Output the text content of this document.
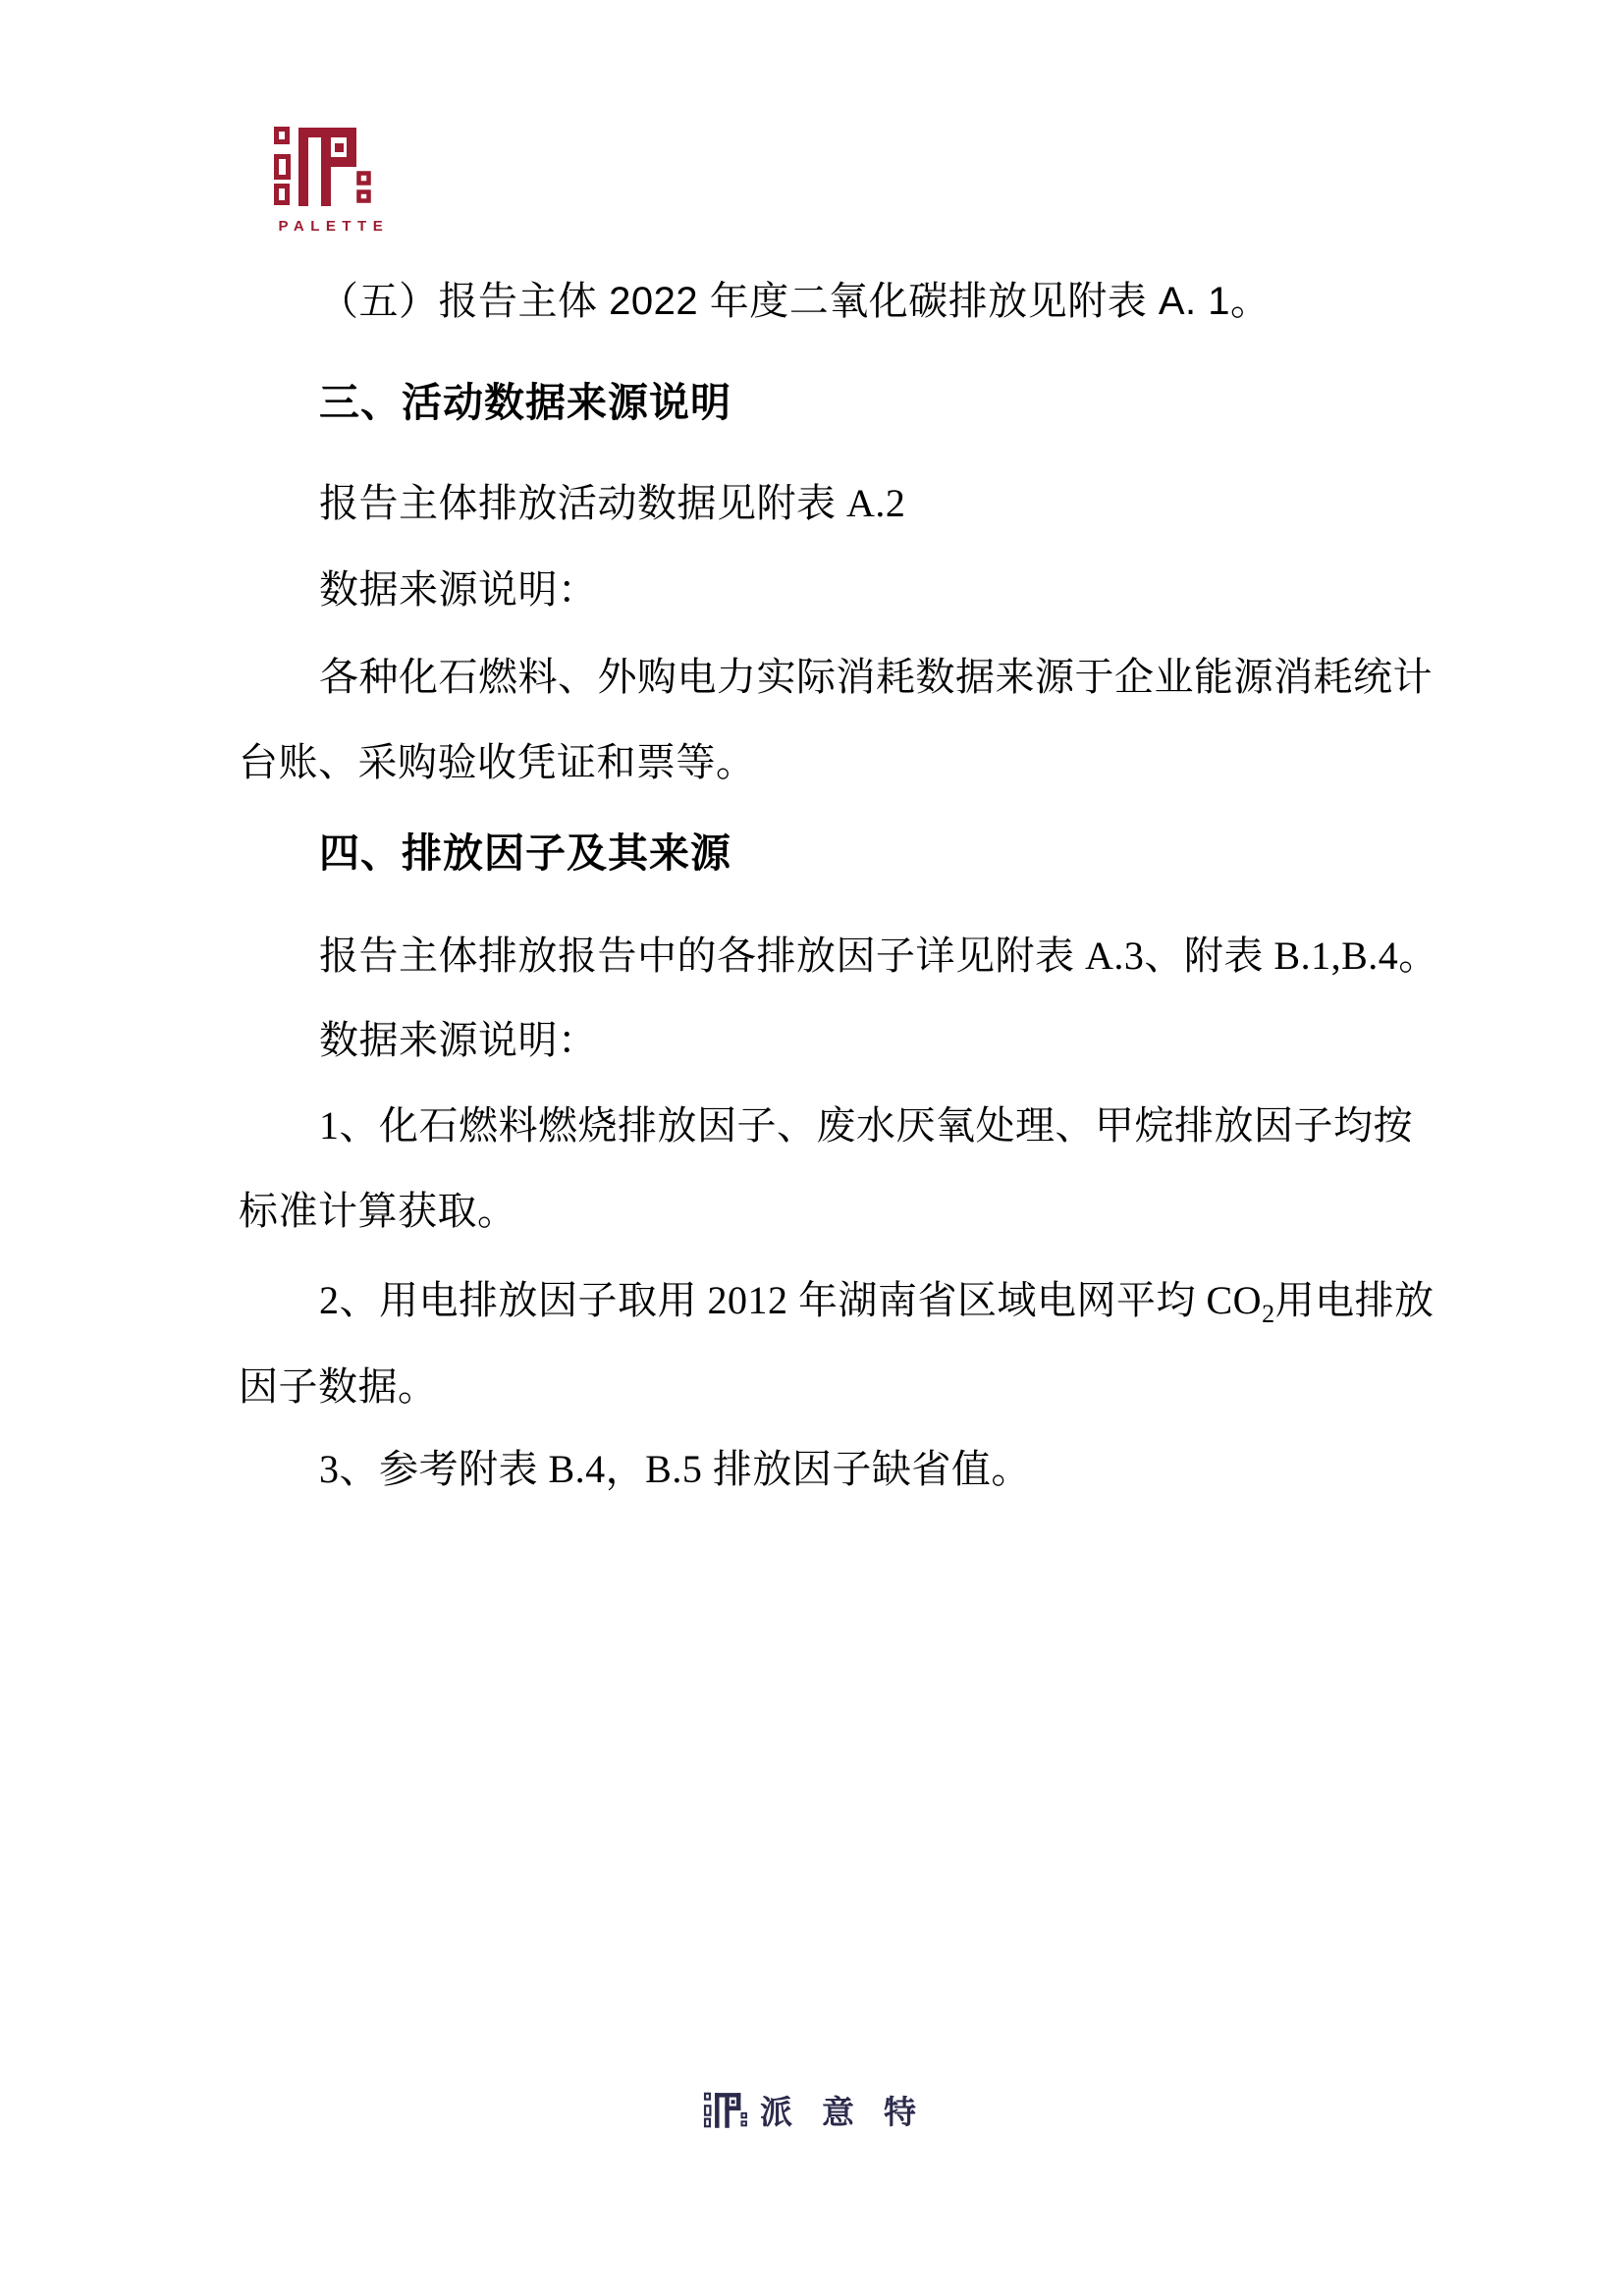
PALETTE
（五）报告主体 2022 年度二氧化碳排放见附表 A. 1。
三、活动数据来源说明
报告主体排放活动数据见附表 A.2
数据来源说明：
各种化石燃料、外购电力实际消耗数据来源于企业能源消耗统计
台账、采购验收凭证和票等。
四、排放因子及其来源
报告主体排放报告中的各排放因子详见附表 A.3、附表 B.1,B.4。
数据来源说明：
1、化石燃料燃烧排放因子、废水厌氧处理、甲烷排放因子均按
标准计算获取。
2、用电排放因子取用 2012 年湖南省区域电网平均 $CO_2$用电排放
因子数据。
3、参考附表 B.4，B.5 排放因子缺省值。
派意特
